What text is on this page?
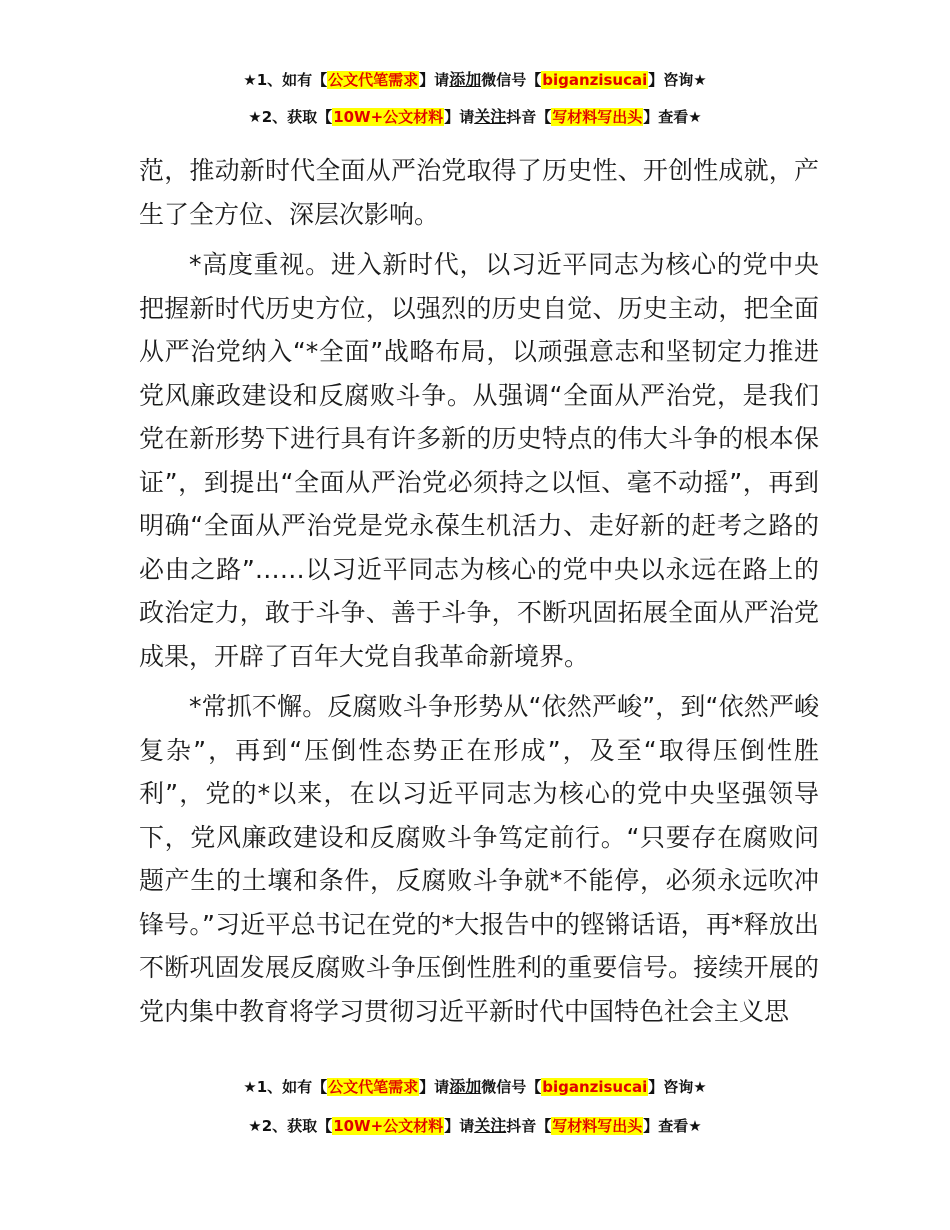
★1、如有【公文代笔需求】请添加微信号【biganzisucai】咨询★
★2、获取【10W+公文材料】请关注抖音【写材料写出头】查看★

范，推动新时代全面从严治党取得了历史性、开创性成就，产生了全方位、深层次影响。

*高度重视。进入新时代，以习近平同志为核心的党中央把握新时代历史方位，以强烈的历史自觉、历史主动，把全面从严治党纳入“*全面”战略布局，以顽强意志和坚韧定力推进党风廉政建设和反腐败斗争。从强调“全面从严治党，是我们党在新形势下进行具有许多新的历史特点的伟大斗争的根本保证”，到提出“全面从严治党必须持之以恒、毫不动摇”，再到明确“全面从严治党是党永葆生机活力、走好新的赶考之路的必由之路”……以习近平同志为核心的党中央以永远在路上的政治定力，敢于斗争、善于斗争，不断巩固拓展全面从严治党成果，开辟了百年大党自我革命新境界。

*常抓不懈。反腐败斗争形势从“依然严峻”，到“依然严峻复杂”，再到“压倒性态势正在形成”，及至“取得压倒性胜利”，党的*以来，在以习近平同志为核心的党中央坚强领导下，党风廉政建设和反腐败斗争笃定前行。“只要存在腐败问题产生的土壤和条件，反腐败斗争就*不能停，必须永远吹冲锋号。”习近平总书记在党的*大报告中的铿锵话语，再*释放出不断巩固发展反腐败斗争压倒性胜利的重要信号。接续开展的党内集中教育将学习贯彻习近平新时代中国特色社会主义思

★1、如有【公文代笔需求】请添加微信号【biganzisucai】咨询★
★2、获取【10W+公文材料】请关注抖音【写材料写出头】查看★
